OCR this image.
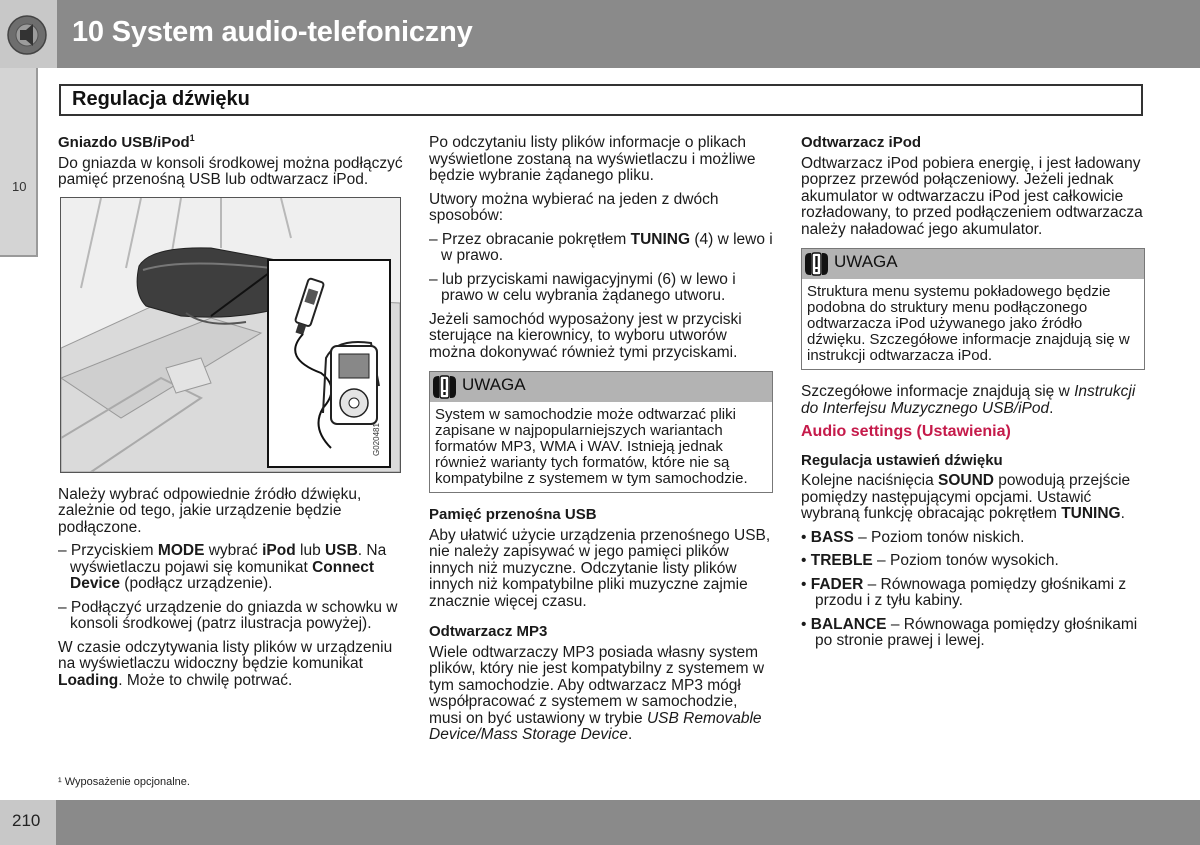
10 System audio-telefoniczny
10
Regulacja dźwięku
Gniazdo USB/iPod$^1$

Do gniazda w konsoli środkowej można podłączyć pamięć przenośną USB lub odtwarzacz iPod.

G020481

Należy wybrać odpowiednie źródło dźwięku, zależnie od tego, jakie urządzenie będzie podłączone.

– Przyciskiem MODE wybrać iPod lub USB. Na wyświetlaczu pojawi się komunikat Connect Device (podłącz urządzenie).

– Podłączyć urządzenie do gniazda w schowku w konsoli środkowej (patrz ilustracja powyżej).

W czasie odczytywania listy plików w urządzeniu na wyświetlaczu widoczny będzie komunikat Loading. Może to chwilę potrwać.

Po odczytaniu listy plików informacje o plikach wyświetlone zostaną na wyświetlaczu i możliwe będzie wybranie żądanego pliku.

Utwory można wybierać na jeden z dwóch sposobów:

– Przez obracanie pokrętłem TUNING (4) w lewo i w prawo.

– lub przyciskami nawigacyjnymi (6) w lewo i prawo w celu wybrania żądanego utworu.

Jeżeli samochód wyposażony jest w przyciski sterujące na kierownicy, to wyboru utworów można dokonywać również tymi przyciskami.

UWAGA
System w samochodzie może odtwarzać pliki zapisane w najpopularniejszych wariantach formatów MP3, WMA i WAV. Istnieją jednak również warianty tych formatów, które nie są kompatybilne z systemem w tym samochodzie.
Pamięć przenośna USB

Aby ułatwić użycie urządzenia przenośnego USB, nie należy zapisywać w jego pamięci plików innych niż muzyczne. Odczytanie listy plików innych niż kompatybilne pliki muzyczne zajmie znacznie więcej czasu.

Odtwarzacz MP3

Wiele odtwarzaczy MP3 posiada własny system plików, który nie jest kompatybilny z systemem w tym samochodzie. Aby odtwarzacz MP3 mógł współpracować z systemem w samochodzie, musi on być ustawiony w trybie USB Removable Device/Mass Storage Device.

Odtwarzacz iPod

Odtwarzacz iPod pobiera energię, i jest ładowany poprzez przewód połączeniowy. Jeżeli jednak akumulator w odtwarzaczu iPod jest całkowicie rozładowany, to przed podłączeniem odtwarzacza należy naładować jego akumulator.

UWAGA
Struktura menu systemu pokładowego będzie podobna do struktury menu podłączonego odtwarzacza iPod używanego jako źródło dźwięku. Szczegółowe informacje znajdują się w instrukcji odtwarzacza iPod.

Szczegółowe informacje znajdują się w Instrukcji do Interfejsu Muzycznego USB/iPod.

Audio settings (Ustawienia)
Regulacja ustawień dźwięku

Kolejne naciśnięcia SOUND powodują przejście pomiędzy następującymi opcjami. Ustawić wybraną funkcję obracając pokrętłem TUNING.

• BASS – Poziom tonów niskich.

• TREBLE – Poziom tonów wysokich.

• FADER – Równowaga pomiędzy głośnikami z przodu i z tyłu kabiny.

• BALANCE – Równowaga pomiędzy głośnikami po stronie prawej i lewej.

¹ Wyposażenie opcjonalne.
210
